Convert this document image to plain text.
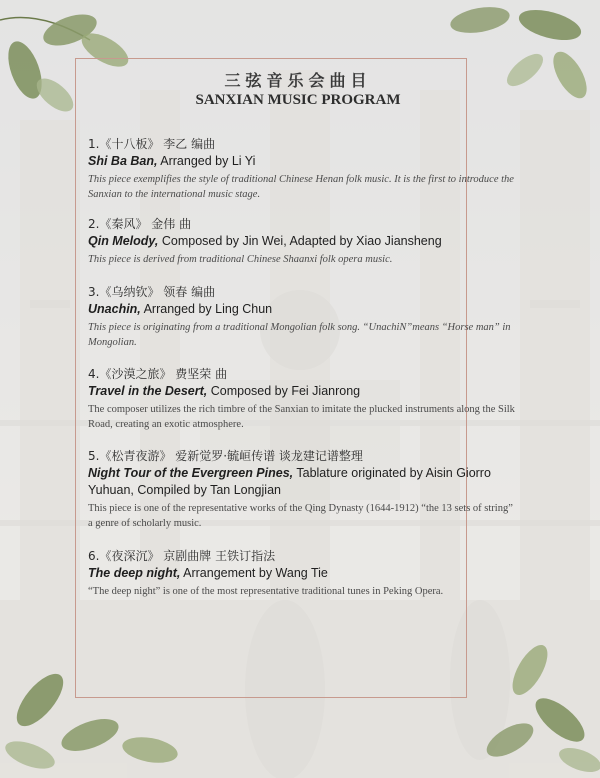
三弦音乐会曲目
SANXIAN MUSIC PROGRAM
1.《十八板》 李乙 编曲
Shi Ba Ban, Arranged by Li Yi
This piece exemplifies the style of traditional Chinese Henan folk music. It is the first to introduce the Sanxian to the international music stage.
2.《秦风》 金伟 曲
Qin Melody, Composed by Jin Wei, Adapted by Xiao Jiansheng
This piece is derived from traditional Chinese Shaanxi folk opera music.
3.《乌纳钦》 领春 编曲
Unachin, Arranged by Ling Chun
This piece is originating from a traditional Mongolian folk song. “UnachiN”means “Horse man” in Mongolian.
4.《沙漠之旅》 费坚荣 曲
Travel in the Desert, Composed by Fei Jianrong
The composer utilizes the rich timbre of the Sanxian to imitate the plucked instruments along the Silk Road, creating an exotic atmosphere.
5.《松青夜游》 爱新觉罗·毓峘传谱 谈龙建记谱整理
Night Tour of the Evergreen Pines, Tablature originated by Aisin Giorro Yuhuan, Compiled by Tan Longjian
This piece is one of the representative works of the Qing Dynasty (1644-1912) “the 13 sets of string” a genre of scholarly music.
6.《夜深沉》 京剧曲牌 王铁订指法
The deep night, Arrangement by Wang Tie
“The deep night” is one of the most representative traditional tunes in Peking Opera.
